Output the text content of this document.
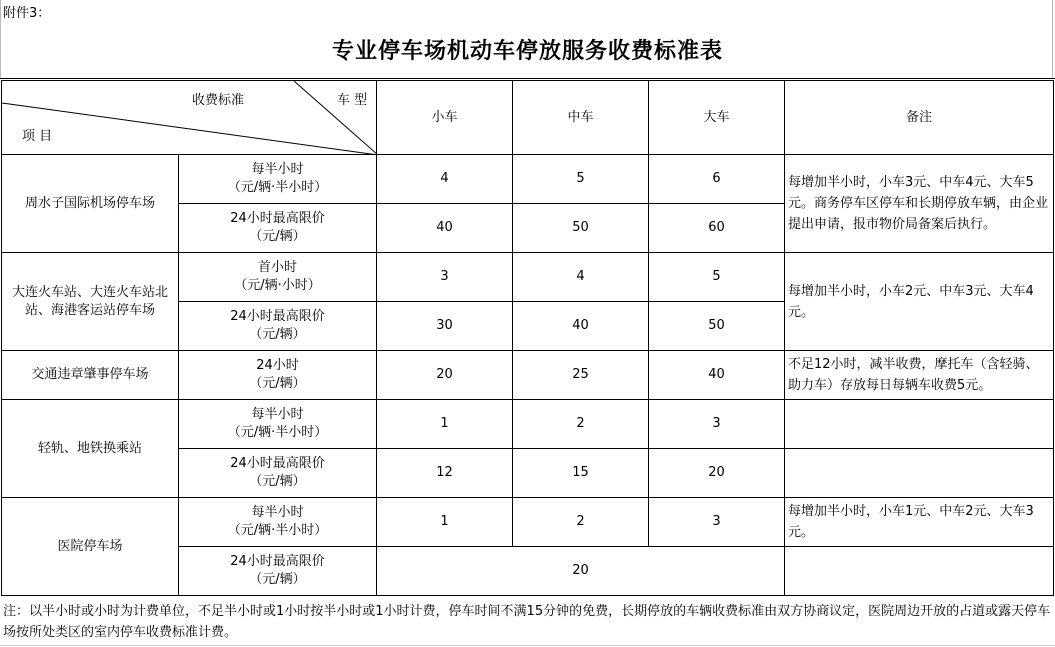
附件3：
专业停车场机动车停放服务收费标准表
收费标准 车 型
项 目		小车	中车	大车	备注
周水子国际机场停车场	每半小时
（元/辆·半小时）	4	5	6	每增加半小时，小车3元、中车4元、大车5元。商务停车区停车和长期停放车辆，由企业提出申请，报市物价局备案后执行。
	24小时最高限价
（元/辆）	40	50	60	
大连火车站、大连火车站北站、海港客运站停车场	首小时
（元/辆·小时）	3	4	5	每增加半小时，小车2元、中车3元、大车4元。
	24小时最高限价
（元/辆）	30	40	50	
交通违章肇事停车场	24小时
（元/辆）	20	25	40	不足12小时，减半收费，摩托车（含轻骑、助力车）存放每日每辆车收费5元。
轻轨、地铁换乘站	每半小时
（元/辆·半小时）	1	2	3	
	24小时最高限价
（元/辆）	12	15	20	
医院停车场	每半小时
（元/辆·半小时）	1	2	3	每增加半小时，小车1元、中车2元、大车3元。
	24小时最高限价
（元/辆）	20			
注：以半小时或小时为计费单位，不足半小时或1小时按半小时或1小时计费，停车时间不满15分钟的免费，长期停放的车辆收费标准由双方协商议定，医院周边开放的占道或露天停车场按所处类区的室内停车收费标准计费。
